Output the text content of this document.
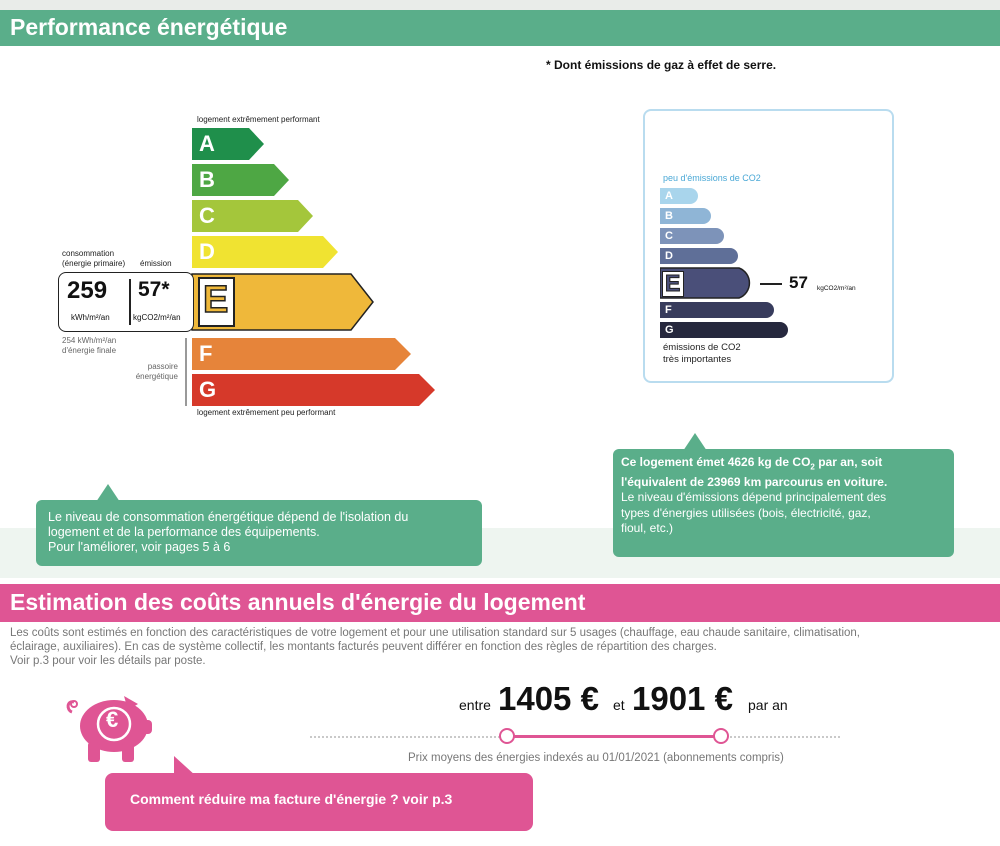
Performance énergétique
* Dont émissions de gaz à effet de serre.
logement extrêmement performant
A
B
C
D
E
F
G
logement extrêmement peu performant
consommation
(énergie primaire) émission
259
kWh/m²/an
57*
kgCO2/m²/an
254 kWh/m²/an
d'énergie finale
passoire
énergétique
peu d'émissions de CO2
A
B
C
D
E
F
G
57 kgCO2/m²/an
émissions de CO2
très importantes
Le niveau de consommation énergétique dépend de l'isolation du
logement et de la performance des équipements.
Pour l'améliorer, voir pages 5 à 6
Ce logement émet 4626 kg de $CO_2$ par an, soit
l'équivalent de 23969 km parcourus en voiture.
Le niveau d'émissions dépend principalement des
types d'énergies utilisées (bois, électricité, gaz,
fioul, etc.)
Estimation des coûts annuels d'énergie du logement
Les coûts sont estimés en fonction des caractéristiques de votre logement et pour une utilisation standard sur 5 usages (chauffage, eau chaude sanitaire, climatisation,
éclairage, auxiliaires). En cas de système collectif, les montants facturés peuvent différer en fonction des règles de répartition des charges.
Voir p.3 pour voir les détails par poste.
€
entre 1405 € et 1901 € par an
Prix moyens des énergies indexés au 01/01/2021 (abonnements compris)
Comment réduire ma facture d'énergie ? voir p.3
